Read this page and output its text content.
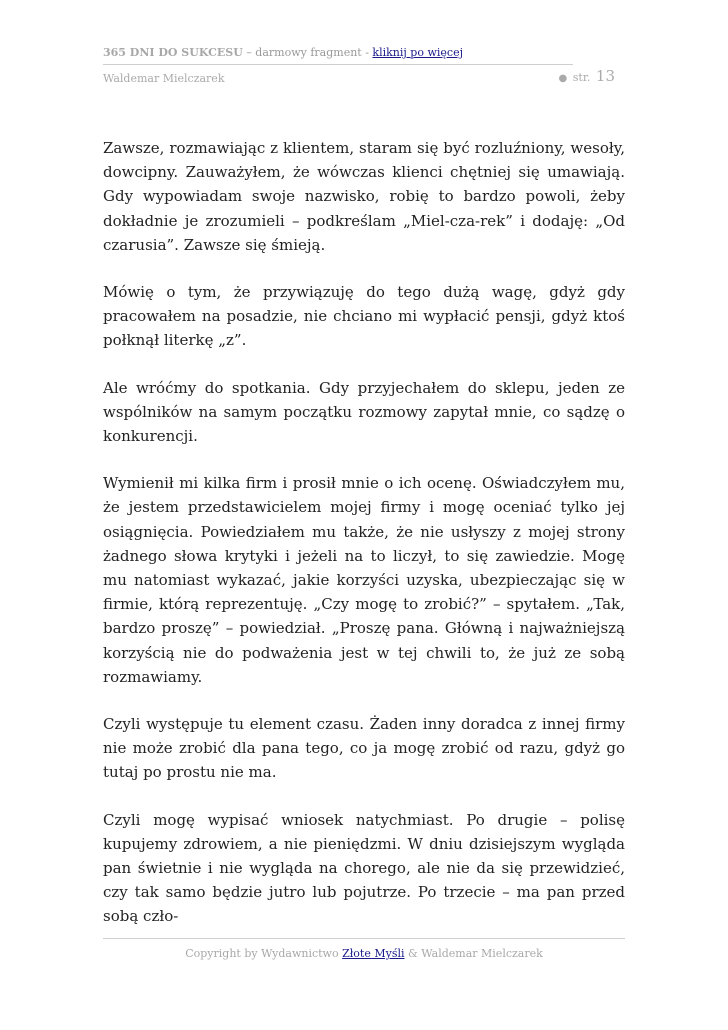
365 DNI DO SUKCESU – darmowy fragment - kliknij po więcej
Waldemar Mielczarek	● str. 13

Zawsze, rozmawiając z klientem, staram się być rozluźniony, wesoły, dowcipny. Zauważyłem, że wówczas klienci chętniej się umawiają. Gdy wypowiadam swoje nazwisko, robię to bardzo powoli, żeby dokładnie je zrozumieli – podkreślam „Miel-cza-rek” i dodaję: „Od czarusia”. Zawsze się śmieją.

Mówię o tym, że przywiązuję do tego dużą wagę, gdyż gdy pracowałem na posadzie, nie chciano mi wypłacić pensji, gdyż ktoś połknął literkę „z”.

Ale wróćmy do spotkania. Gdy przyjechałem do sklepu, jeden ze wspólników na samym początku rozmowy zapytał mnie, co sądzę o konkurencji.

Wymienił mi kilka firm i prosił mnie o ich ocenę. Oświadczyłem mu, że jestem przedstawicielem mojej firmy i mogę oceniać tylko jej osiągnięcia. Powiedziałem mu także, że nie usłyszy z mojej strony żadnego słowa krytyki i jeżeli na to liczył, to się zawiedzie. Mogę mu natomiast wykazać, jakie korzyści uzyska, ubezpieczając się w firmie, którą reprezentuję. „Czy mogę to zrobić?” – spytałem. „Tak, bardzo proszę” – powiedział. „Proszę pana. Główną i najważniejszą korzyścią nie do podważenia jest w tej chwili to, że już ze sobą rozmawiamy.

Czyli występuje tu element czasu. Żaden inny doradca z innej firmy nie może zrobić dla pana tego, co ja mogę zrobić od razu, gdyż go tutaj po prostu nie ma.

Czyli mogę wypisać wniosek natychmiast. Po drugie – polisę kupujemy zdrowiem, a nie pieniędzmi. W dniu dzisiejszym wygląda pan świetnie i nie wygląda na chorego, ale nie da się przewidzieć, czy tak samo będzie jutro lub pojutrze. Po trzecie – ma pan przed sobą czło-

Copyright by Wydawnictwo Złote Myśli & Waldemar Mielczarek
